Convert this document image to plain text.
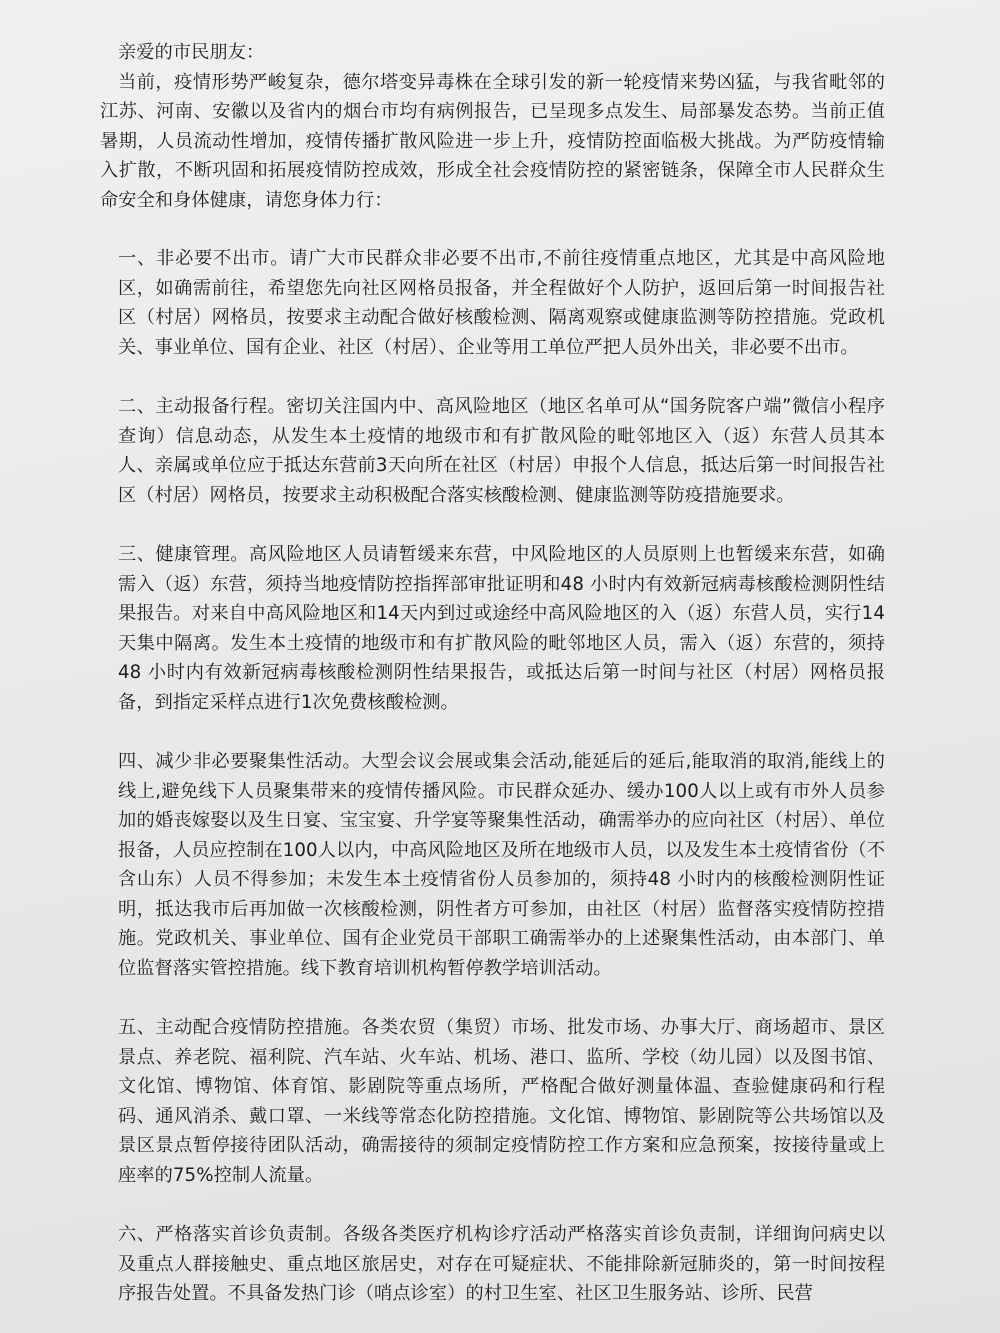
亲爱的市民朋友：

当前，疫情形势严峻复杂，德尔塔变异毒株在全球引发的新一轮疫情来势凶猛，与我省毗邻的江苏、河南、安徽以及省内的烟台市均有病例报告，已呈现多点发生、局部暴发态势。当前正值暑期，人员流动性增加，疫情传播扩散风险进一步上升，疫情防控面临极大挑战。为严防疫情输入扩散，不断巩固和拓展疫情防控成效，形成全社会疫情防控的紧密链条，保障全市人民群众生命安全和身体健康，请您身体力行：

一、非必要不出市。请广大市民群众非必要不出市,不前往疫情重点地区，尤其是中高风险地区，如确需前往，希望您先向社区网格员报备，并全程做好个人防护，返回后第一时间报告社区（村居）网格员，按要求主动配合做好核酸检测、隔离观察或健康监测等防控措施。党政机关、事业单位、国有企业、社区（村居）、企业等用工单位严把人员外出关，非必要不出市。

二、主动报备行程。密切关注国内中、高风险地区（地区名单可从“国务院客户端”微信小程序查询）信息动态，从发生本土疫情的地级市和有扩散风险的毗邻地区入（返）东营人员其本人、亲属或单位应于抵达东营前3天向所在社区（村居）申报个人信息，抵达后第一时间报告社区（村居）网格员，按要求主动积极配合落实核酸检测、健康监测等防疫措施要求。

三、健康管理。高风险地区人员请暂缓来东营，中风险地区的人员原则上也暂缓来东营，如确需入（返）东营，须持当地疫情防控指挥部审批证明和48 小时内有效新冠病毒核酸检测阴性结果报告。对来自中高风险地区和14天内到过或途经中高风险地区的入（返）东营人员，实行14天集中隔离。发生本土疫情的地级市和有扩散风险的毗邻地区人员，需入（返）东营的，须持48 小时内有效新冠病毒核酸检测阴性结果报告，或抵达后第一时间与社区（村居）网格员报备，到指定采样点进行1次免费核酸检测。

四、减少非必要聚集性活动。大型会议会展或集会活动,能延后的延后,能取消的取消,能线上的线上,避免线下人员聚集带来的疫情传播风险。市民群众延办、缓办100人以上或有市外人员参加的婚丧嫁娶以及生日宴、宝宝宴、升学宴等聚集性活动，确需举办的应向社区（村居）、单位报备，人员应控制在100人以内，中高风险地区及所在地级市人员，以及发生本土疫情省份（不含山东）人员不得参加；未发生本土疫情省份人员参加的，须持48 小时内的核酸检测阴性证明，抵达我市后再加做一次核酸检测，阴性者方可参加，由社区（村居）监督落实疫情防控措施。党政机关、事业单位、国有企业党员干部职工确需举办的上述聚集性活动，由本部门、单位监督落实管控措施。线下教育培训机构暂停教学培训活动。

五、主动配合疫情防控措施。各类农贸（集贸）市场、批发市场、办事大厅、商场超市、景区景点、养老院、福利院、汽车站、火车站、机场、港口、监所、学校（幼儿园）以及图书馆、文化馆、博物馆、体育馆、影剧院等重点场所，严格配合做好测量体温、查验健康码和行程码、通风消杀、戴口罩、一米线等常态化防控措施。文化馆、博物馆、影剧院等公共场馆以及景区景点暂停接待团队活动，确需接待的须制定疫情防控工作方案和应急预案，按接待量或上座率的75%控制人流量。

六、严格落实首诊负责制。各级各类医疗机构诊疗活动严格落实首诊负责制，详细询问病史以及重点人群接触史、重点地区旅居史，对存在可疑症状、不能排除新冠肺炎的，第一时间按程序报告处置。不具备发热门诊（哨点诊室）的村卫生室、社区卫生服务站、诊所、民营
